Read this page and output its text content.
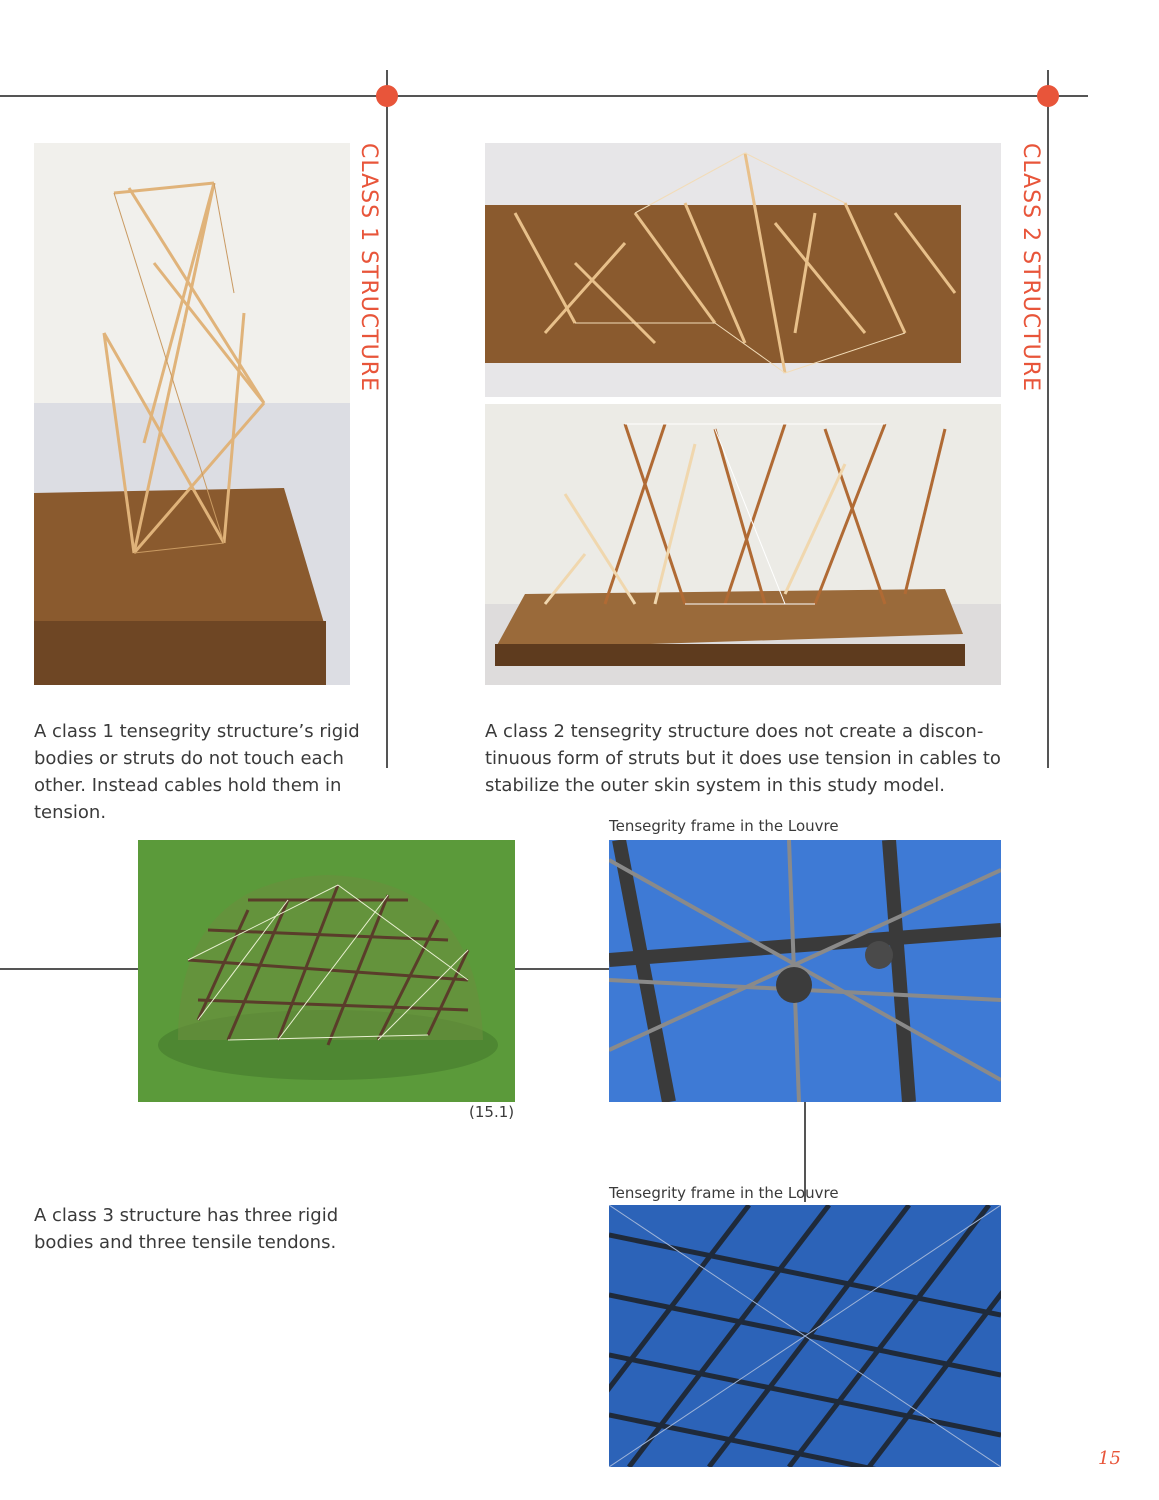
CLASS 1 STRUCTURE	CLASS 2 STRUCTURE
A class 1 tensegrity structure’s rigid bodies or struts do not touch each other. Instead cables hold them in tension.
A class 2 tensegrity structure does not create a discon-tinuous form of struts but it does use tension in cables to stabilize the outer skin system in this study model.
Tensegrity frame in the Louvre
(15.1)
Tensegrity frame in the Louvre
A class 3 structure has three rigid bodies and three tensile tendons.
15
